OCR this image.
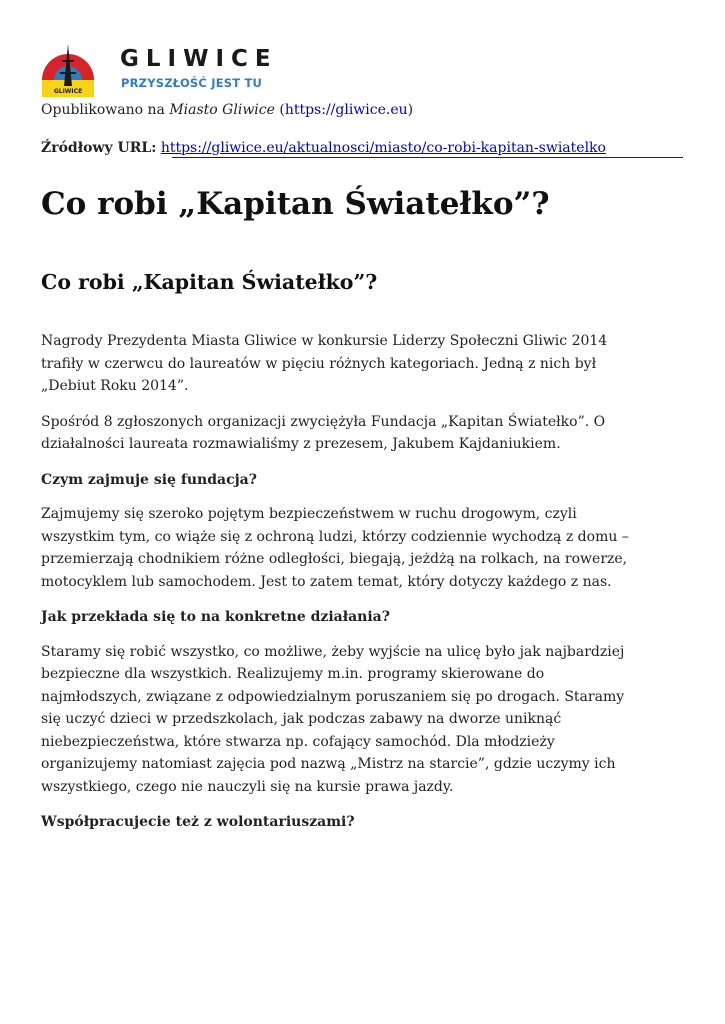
GLIWICE
GLIWICE
PRZYSZŁOŚĆ JEST TU
Opublikowano na Miasto Gliwice (https://gliwice.eu)
Źródłowy URL: https://gliwice.eu/aktualnosci/miasto/co-robi-kapitan-swiatelko
Co robi „Kapitan Światełko”?
Co robi „Kapitan Światełko”?

Nagrody Prezydenta Miasta Gliwice w konkursie Liderzy Społeczni Gliwic 2014
trafiły w czerwcu do laureatów w pięciu różnych kategoriach. Jedną z nich był
„Debiut Roku 2014”.

Spośród 8 zgłoszonych organizacji zwyciężyła Fundacja „Kapitan Światełko”. O
działalności laureata rozmawialiśmy z prezesem, Jakubem Kajdaniukiem.

Czym zajmuje się fundacja?

Zajmujemy się szeroko pojętym bezpieczeństwem w ruchu drogowym, czyli
wszystkim tym, co wiąże się z ochroną ludzi, którzy codziennie wychodzą z domu –
przemierzają chodnikiem różne odległości, biegają, jeżdżą na rolkach, na rowerze,
motocyklem lub samochodem. Jest to zatem temat, który dotyczy każdego z nas.

Jak przekłada się to na konkretne działania?

Staramy się robić wszystko, co możliwe, żeby wyjście na ulicę było jak najbardziej
bezpieczne dla wszystkich. Realizujemy m.in. programy skierowane do
najmłodszych, związane z odpowiedzialnym poruszaniem się po drogach. Staramy
się uczyć dzieci w przedszkolach, jak podczas zabawy na dworze uniknąć
niebezpieczeństwa, które stwarza np. cofający samochód. Dla młodzieży
organizujemy natomiast zajęcia pod nazwą „Mistrz na starcie”, gdzie uczymy ich
wszystkiego, czego nie nauczyli się na kursie prawa jazdy.

Współpracujecie też z wolontariuszami?
